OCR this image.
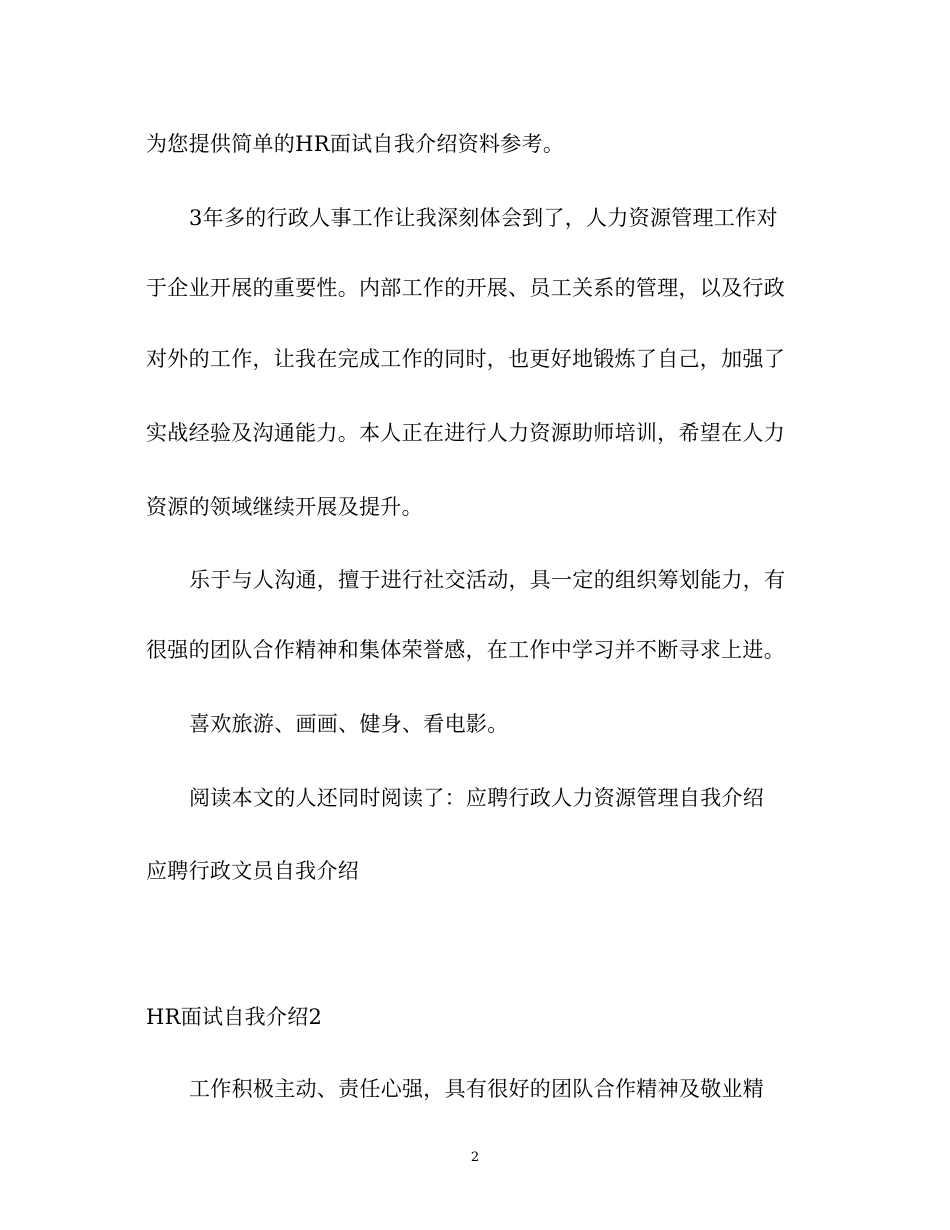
为您提供简单的HR面试自我介绍资料参考。
3年多的行政人事工作让我深刻体会到了，人力资源管理工作对
于企业开展的重要性。内部工作的开展、员工关系的管理，以及行政
对外的工作，让我在完成工作的同时，也更好地锻炼了自己，加强了
实战经验及沟通能力。本人正在进行人力资源助师培训，希望在人力
资源的领域继续开展及提升。
乐于与人沟通，擅于进行社交活动，具一定的组织筹划能力，有
很强的团队合作精神和集体荣誉感，在工作中学习并不断寻求上进。
喜欢旅游、画画、健身、看电影。
阅读本文的人还同时阅读了：应聘行政人力资源管理自我介绍
应聘行政文员自我介绍
HR面试自我介绍2
工作积极主动、责任心强，具有很好的团队合作精神及敬业精
2
